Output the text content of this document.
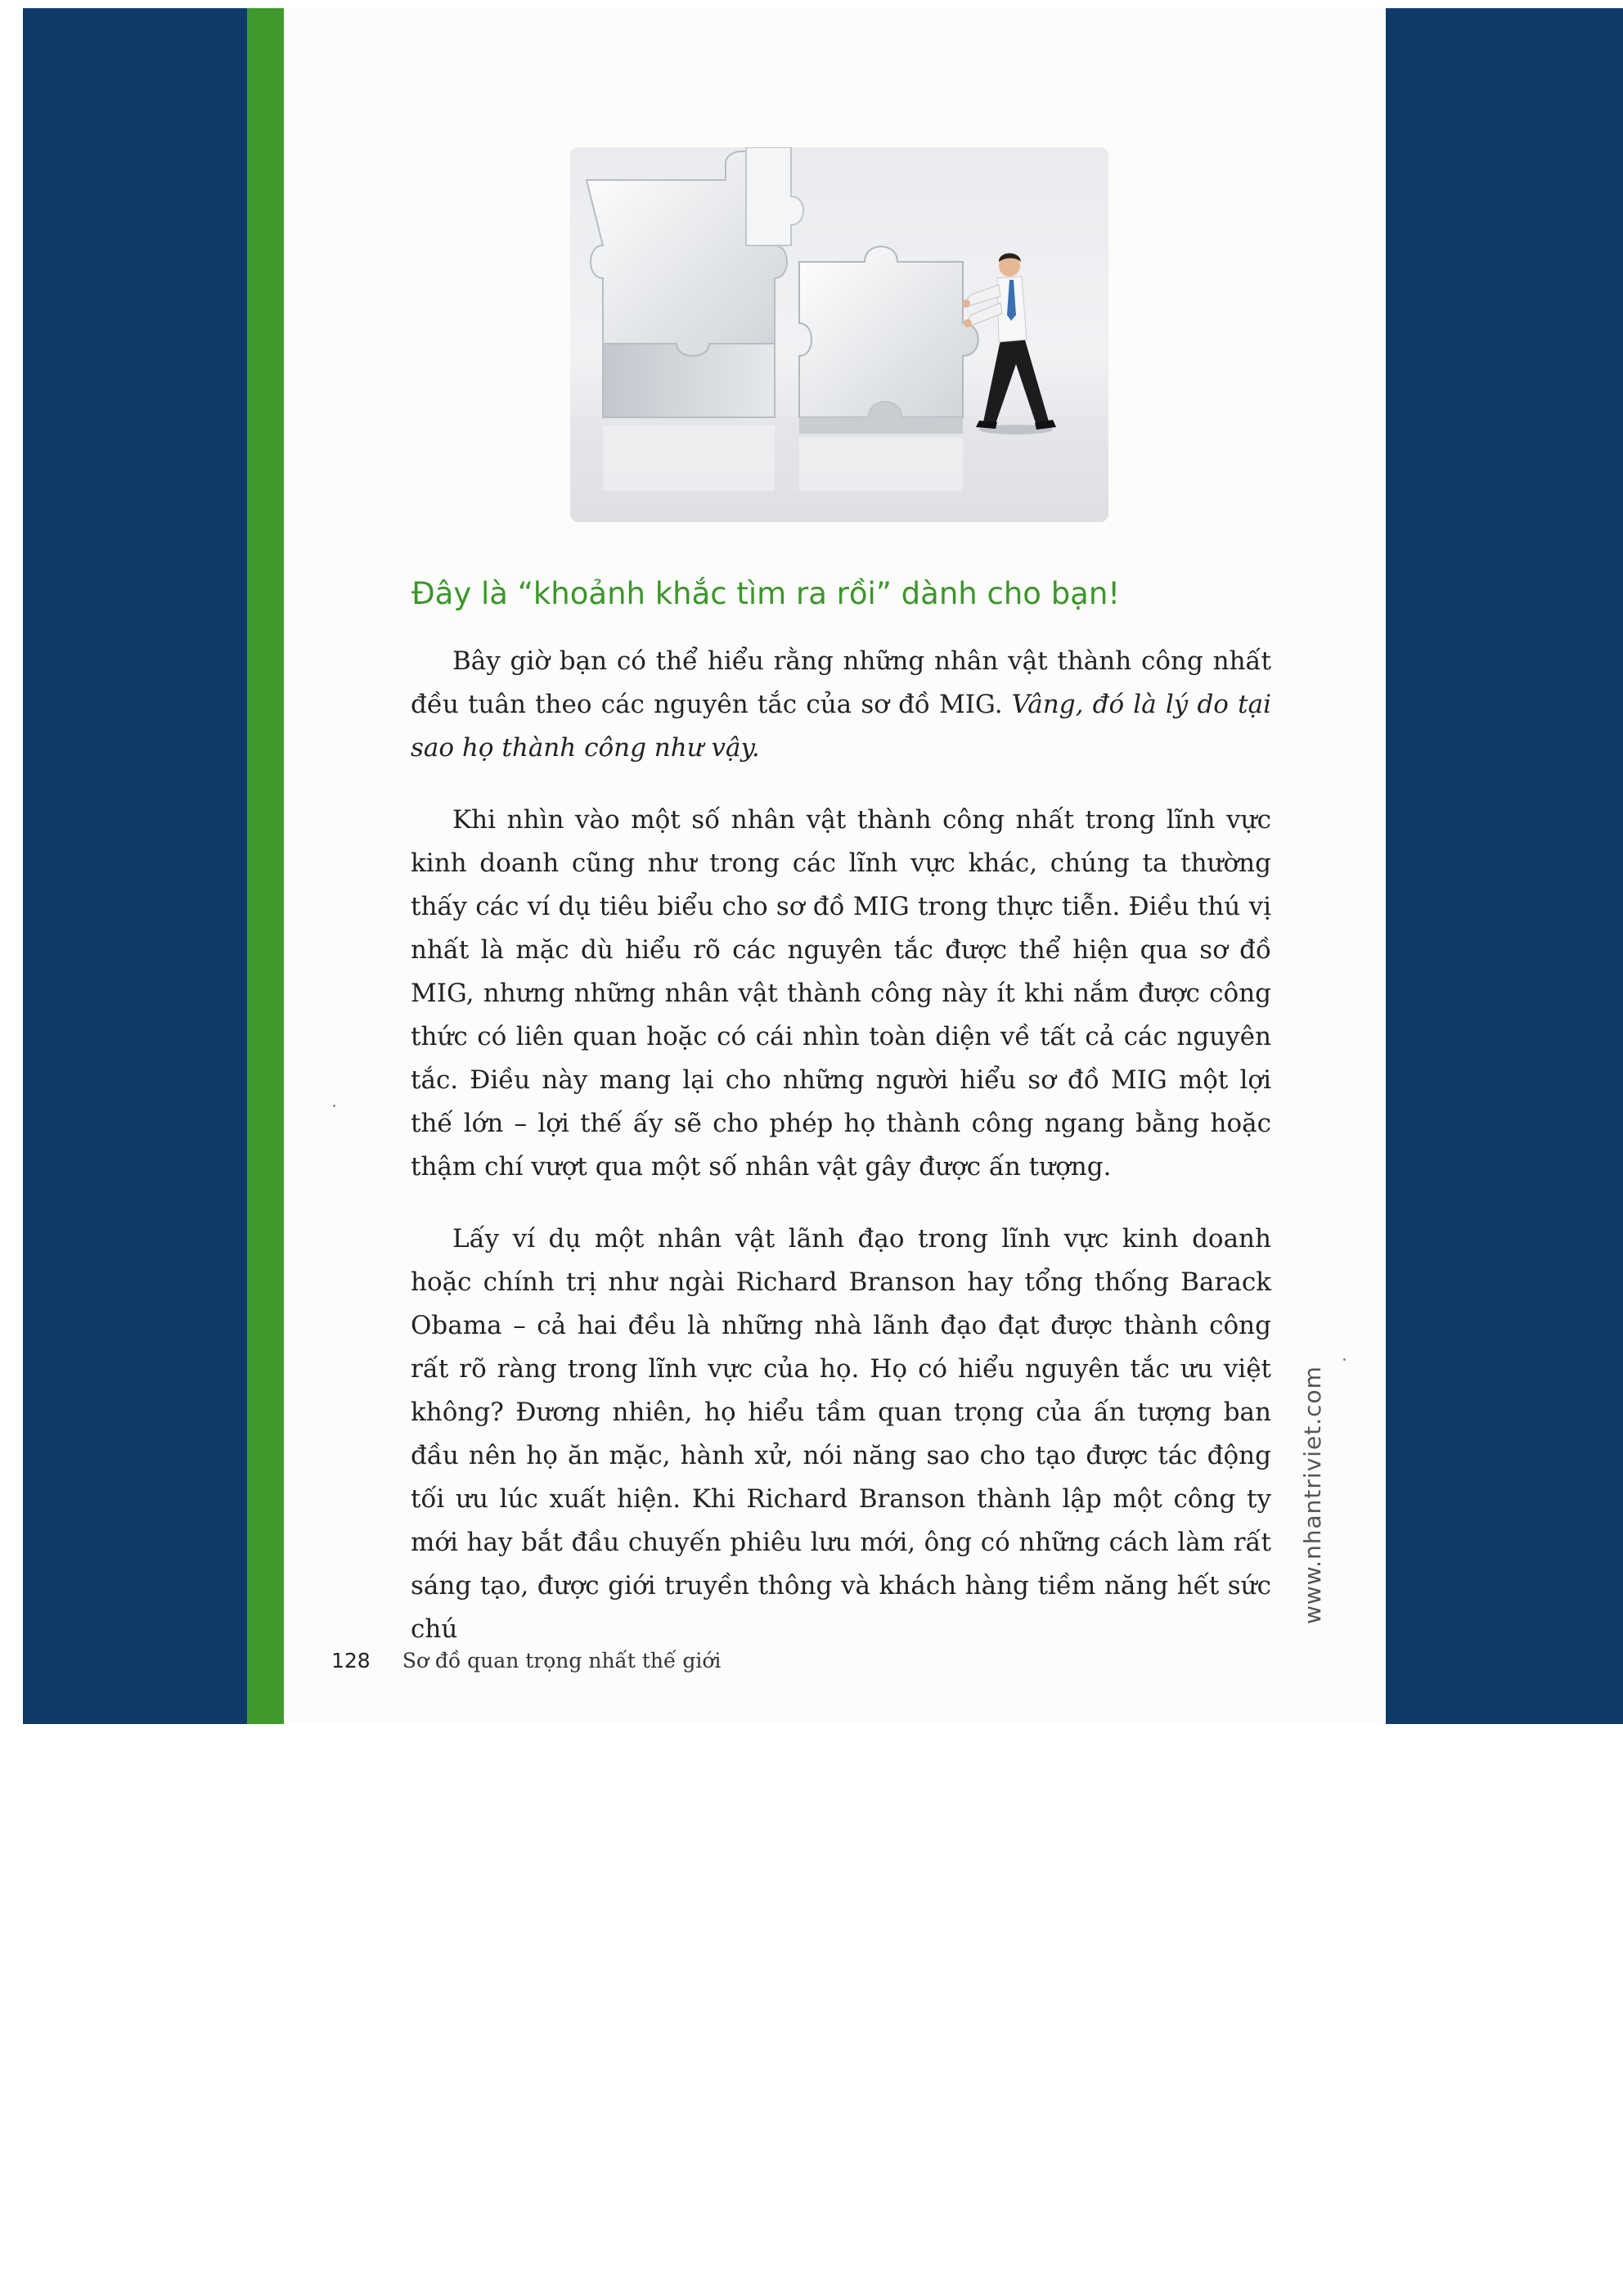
Đây là “khoảnh khắc tìm ra rồi” dành cho bạn!

Bây giờ bạn có thể hiểu rằng những nhân vật thành công nhất đều tuân theo các nguyên tắc của sơ đồ MIG. Vâng, đó là lý do tại sao họ thành công như vậy.

Khi nhìn vào một số nhân vật thành công nhất trong lĩnh vực kinh doanh cũng như trong các lĩnh vực khác, chúng ta thường thấy các ví dụ tiêu biểu cho sơ đồ MIG trong thực tiễn. Điều thú vị nhất là mặc dù hiểu rõ các nguyên tắc được thể hiện qua sơ đồ MIG, nhưng những nhân vật thành công này ít khi nắm được công thức có liên quan hoặc có cái nhìn toàn diện về tất cả các nguyên tắc. Điều này mang lại cho những người hiểu sơ đồ MIG một lợi thế lớn – lợi thế ấy sẽ cho phép họ thành công ngang bằng hoặc thậm chí vượt qua một số nhân vật gây được ấn tượng.

Lấy ví dụ một nhân vật lãnh đạo trong lĩnh vực kinh doanh hoặc chính trị như ngài Richard Branson hay tổng thống Barack Obama – cả hai đều là những nhà lãnh đạo đạt được thành công rất rõ ràng trong lĩnh vực của họ. Họ có hiểu nguyên tắc ưu việt không? Đương nhiên, họ hiểu tầm quan trọng của ấn tượng ban đầu nên họ ăn mặc, hành xử, nói năng sao cho tạo được tác động tối ưu lúc xuất hiện. Khi Richard Branson thành lập một công ty mới hay bắt đầu chuyến phiêu lưu mới, ông có những cách làm rất sáng tạo, được giới truyền thông và khách hàng tiềm năng hết sức chú

128 Sơ đồ quan trọng nhất thế giới
www.nhantriviet.com
